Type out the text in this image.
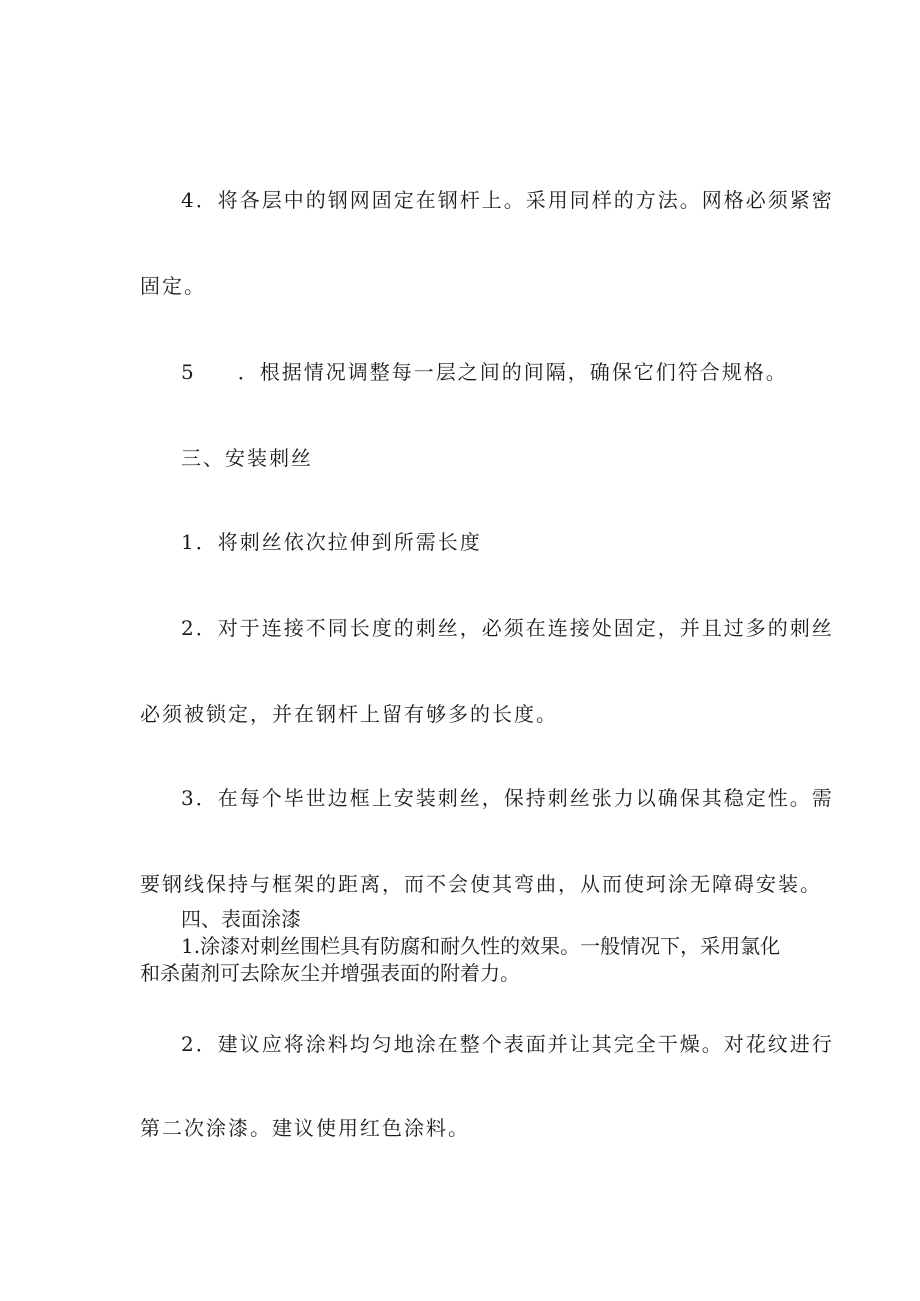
4．将各层中的钢网固定在钢杆上。采用同样的方法。网格必须紧密
固定。
5 ．根据情况调整每一层之间的间隔，确保它们符合规格。
三、安装刺丝
1．将刺丝依次拉伸到所需长度
2．对于连接不同长度的刺丝，必须在连接处固定，并且过多的刺丝
必须被锁定，并在钢杆上留有够多的长度。
3．在每个毕世边框上安装刺丝，保持刺丝张力以确保其稳定性。需
要钢线保持与框架的距离，而不会使其弯曲，从而使珂涂无障碍安装。
四、表面涂漆
1.涂漆对刺丝围栏具有防腐和耐久性的效果。一般情况下，采用氯化
和杀菌剂可去除灰尘并增强表面的附着力。
2．建议应将涂料均匀地涂在整个表面并让其完全干燥。对花纹进行
第二次涂漆。建议使用红色涂料。
